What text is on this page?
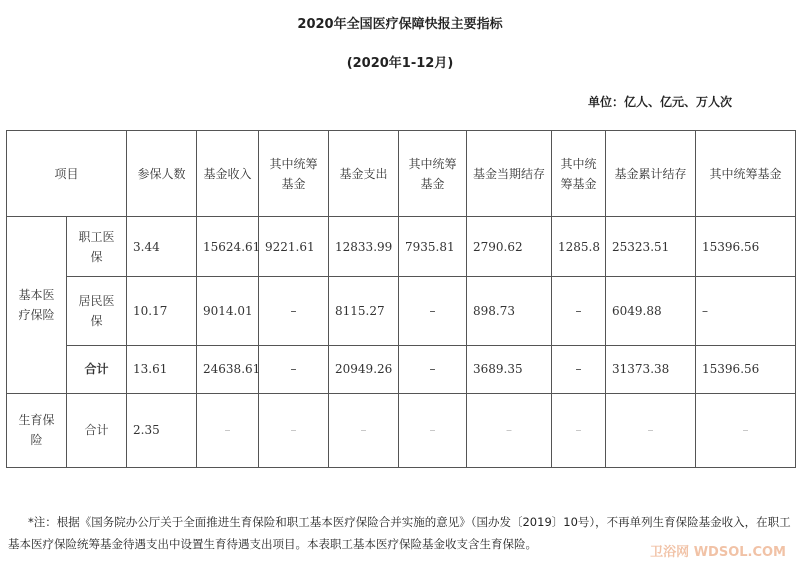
2020年全国医疗保障快报主要指标
(2020年1-12月)
单位：亿人、亿元、万人次
项目		参保人数	基金收入	其中统筹基金	基金支出	其中统筹基金	基金当期结存	其中统筹基金	基金累计结存	其中统筹基金
基本医疗保险	职工医保	3.44	15624.61	9221.61	12833.99	7935.81	2790.62	1285.8	25323.51	15396.56
	居民医保	10.17	9014.01	–	8115.27	–	898.73	–	6049.88	–
	合计	13.61	24638.61	–	20949.26	–	3689.35	–	31373.38	15396.56
生育保险	合计	2.35	–	–	–	–	–	–	–	–
*注：根据《国务院办公厅关于全面推进生育保险和职工基本医疗保险合并实施的意见》（国办发〔2019〕10号），不再单列生育保险基金收入，在职工基本医疗保险统筹基金待遇支出中设置生育待遇支出项目。本表职工基本医疗保险基金收支含生育保险。
卫浴网 WDSOL.COM
